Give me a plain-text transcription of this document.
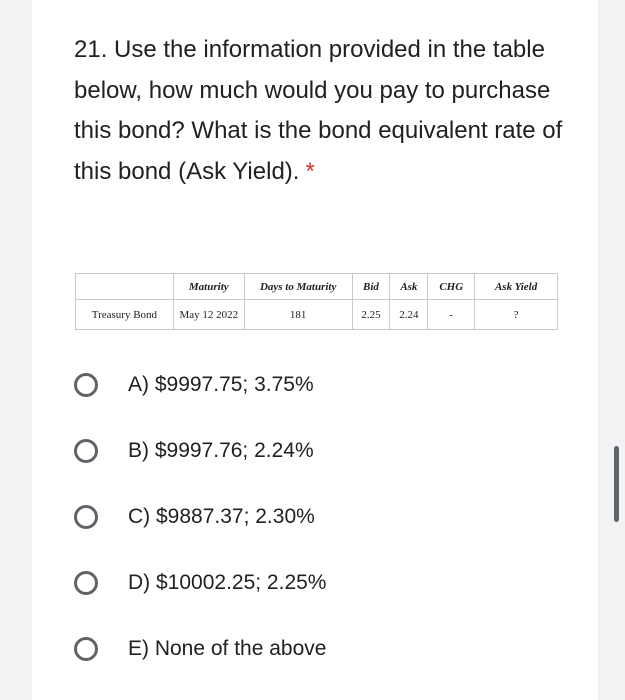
21. Use the information provided in the table below, how much would you pay to purchase this bond? What is the bond equivalent rate of this bond (Ask Yield). *

	Maturity	Days to Maturity	Bid	Ask	CHG	Ask Yield
Treasury Bond	May 12 2022	181	2.25	2.24	-	?
A) $9997.75; 3.75%
B) $9997.76; 2.24%
C) $9887.37; 2.30%
D) $10002.25; 2.25%
E) None of the above
